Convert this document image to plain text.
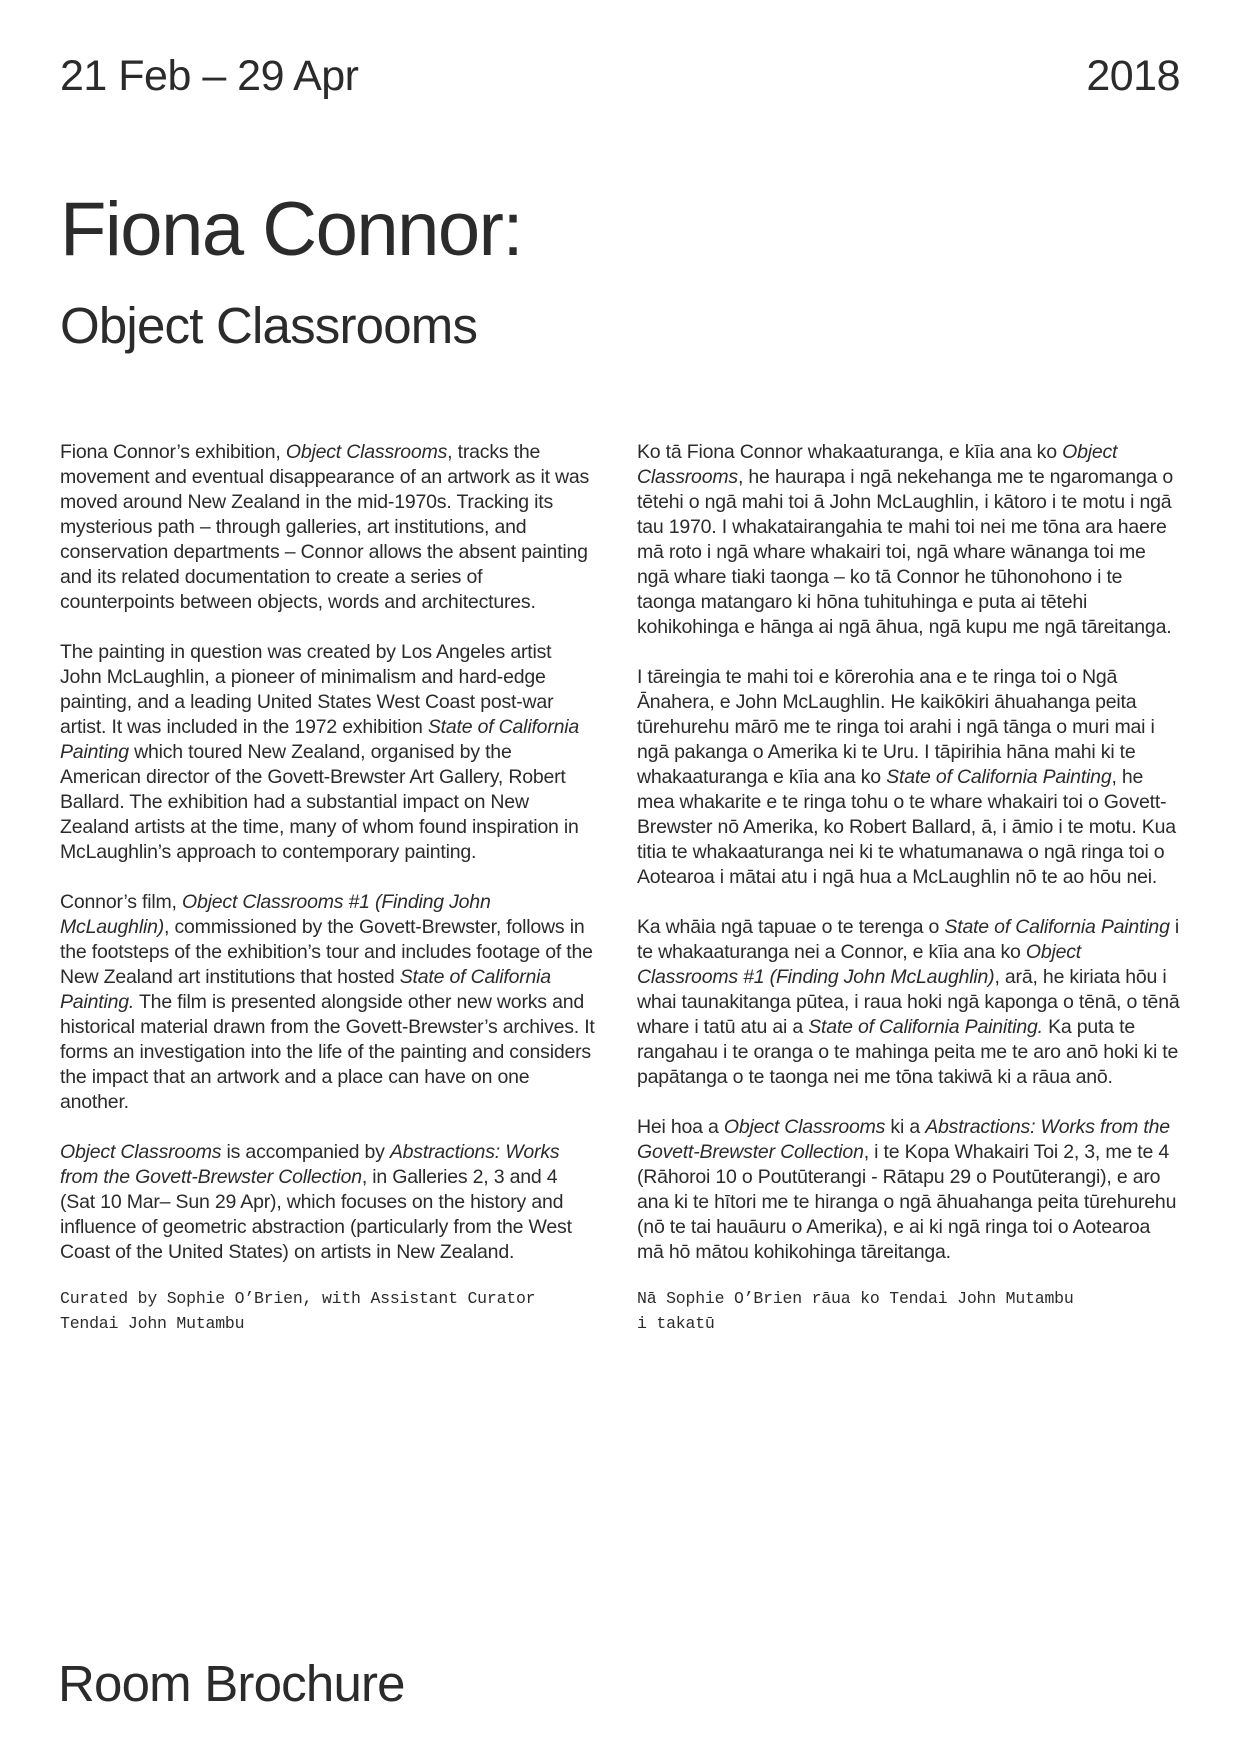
21 Feb – 29 Apr	2018
Fiona Connor:
Object Classrooms

Fiona Connor’s exhibition, Object Classrooms, tracks the movement and eventual disappearance of an artwork as it was moved around New Zealand in the mid-1970s. Tracking its mysterious path – through galleries, art institutions, and conservation departments – Connor allows the absent painting and its related documentation to create a series of counterpoints between objects, words and architectures.

The painting in question was created by Los Angeles artist John McLaughlin, a pioneer of minimalism and hard-edge painting, and a leading United States West Coast post-war artist. It was included in the 1972 exhibition State of California Painting which toured New Zealand, organised by the American director of the Govett-Brewster Art Gallery, Robert Ballard. The exhibition had a substantial impact on New Zealand artists at the time, many of whom found inspiration in McLaughlin’s approach to contemporary painting.

Connor’s film, Object Classrooms #1 (Finding John McLaughlin), commissioned by the Govett-Brewster, follows in the footsteps of the exhibition’s tour and includes footage of the New Zealand art institutions that hosted State of California Painting. The film is presented alongside other new works and historical material drawn from the Govett-Brewster’s archives. It forms an investigation into the life of the painting and considers the impact that an artwork and a place can have on one another.

Object Classrooms is accompanied by Abstractions: Works from the Govett-Brewster Collection, in Galleries 2, 3 and 4 (Sat 10 Mar– Sun 29 Apr), which focuses on the history and influence of geometric abstraction (particularly from the West Coast of the United States) on artists in New Zealand.

Curated by Sophie O’Brien, with Assistant Curator
Tendai John Mutambu

Ko tā Fiona Connor whakaaturanga, e kīia ana ko Object Classrooms, he haurapa i ngā nekehanga me te ngaromanga o tētehi o ngā mahi toi ā John McLaughlin, i kātoro i te motu i ngā tau 1970. I whakatairangahia te mahi toi nei me tōna ara haere mā roto i ngā whare whakairi toi, ngā whare wānanga toi me ngā whare tiaki taonga – ko tā Connor he tūhonohono i te taonga matangaro ki hōna tuhituhinga e puta ai tētehi kohikohinga e hānga ai ngā āhua, ngā kupu me ngā tāreitanga.

I tāreingia te mahi toi e kōrerohia ana e te ringa toi o Ngā Ānahera, e John McLaughlin. He kaikōkiri āhuahanga peita tūrehurehu mārō me te ringa toi arahi i ngā tānga o muri mai i ngā pakanga o Amerika ki te Uru. I tāpirihia hāna mahi ki te whakaaturanga e kīia ana ko State of California Painting, he mea whakarite e te ringa tohu o te whare whakairi toi o Govett-Brewster nō Amerika, ko Robert Ballard, ā, i āmio i te motu. Kua titia te whakaaturanga nei ki te whatumanawa o ngā ringa toi o Aotearoa i mātai atu i ngā hua a McLaughlin nō te ao hōu nei.

Ka whāia ngā tapuae o te terenga o State of California Painting i te whakaaturanga nei a Connor, e kīia ana ko Object Classrooms #1 (Finding John McLaughlin), arā, he kiriata hōu i whai taunakitanga pūtea, i raua hoki ngā kaponga o tēnā, o tēnā whare i tatū atu ai a State of California Painiting. Ka puta te rangahau i te oranga o te mahinga peita me te aro anō hoki ki te papātanga o te taonga nei me tōna takiwā ki a rāua anō.

Hei hoa a Object Classrooms ki a Abstractions: Works from the Govett-Brewster Collection, i te Kopa Whakairi Toi 2, 3, me te 4 (Rāhoroi 10 o Poutūterangi - Rātapu 29 o Poutūterangi), e aro ana ki te hītori me te hiranga o ngā āhuahanga peita tūrehurehu (nō te tai hauāuru o Amerika), e ai ki ngā ringa toi o Aotearoa mā hō mātou kohikohinga tāreitanga.

Nā Sophie O’Brien rāua ko Tendai John Mutambu
i takatū
Room Brochure
